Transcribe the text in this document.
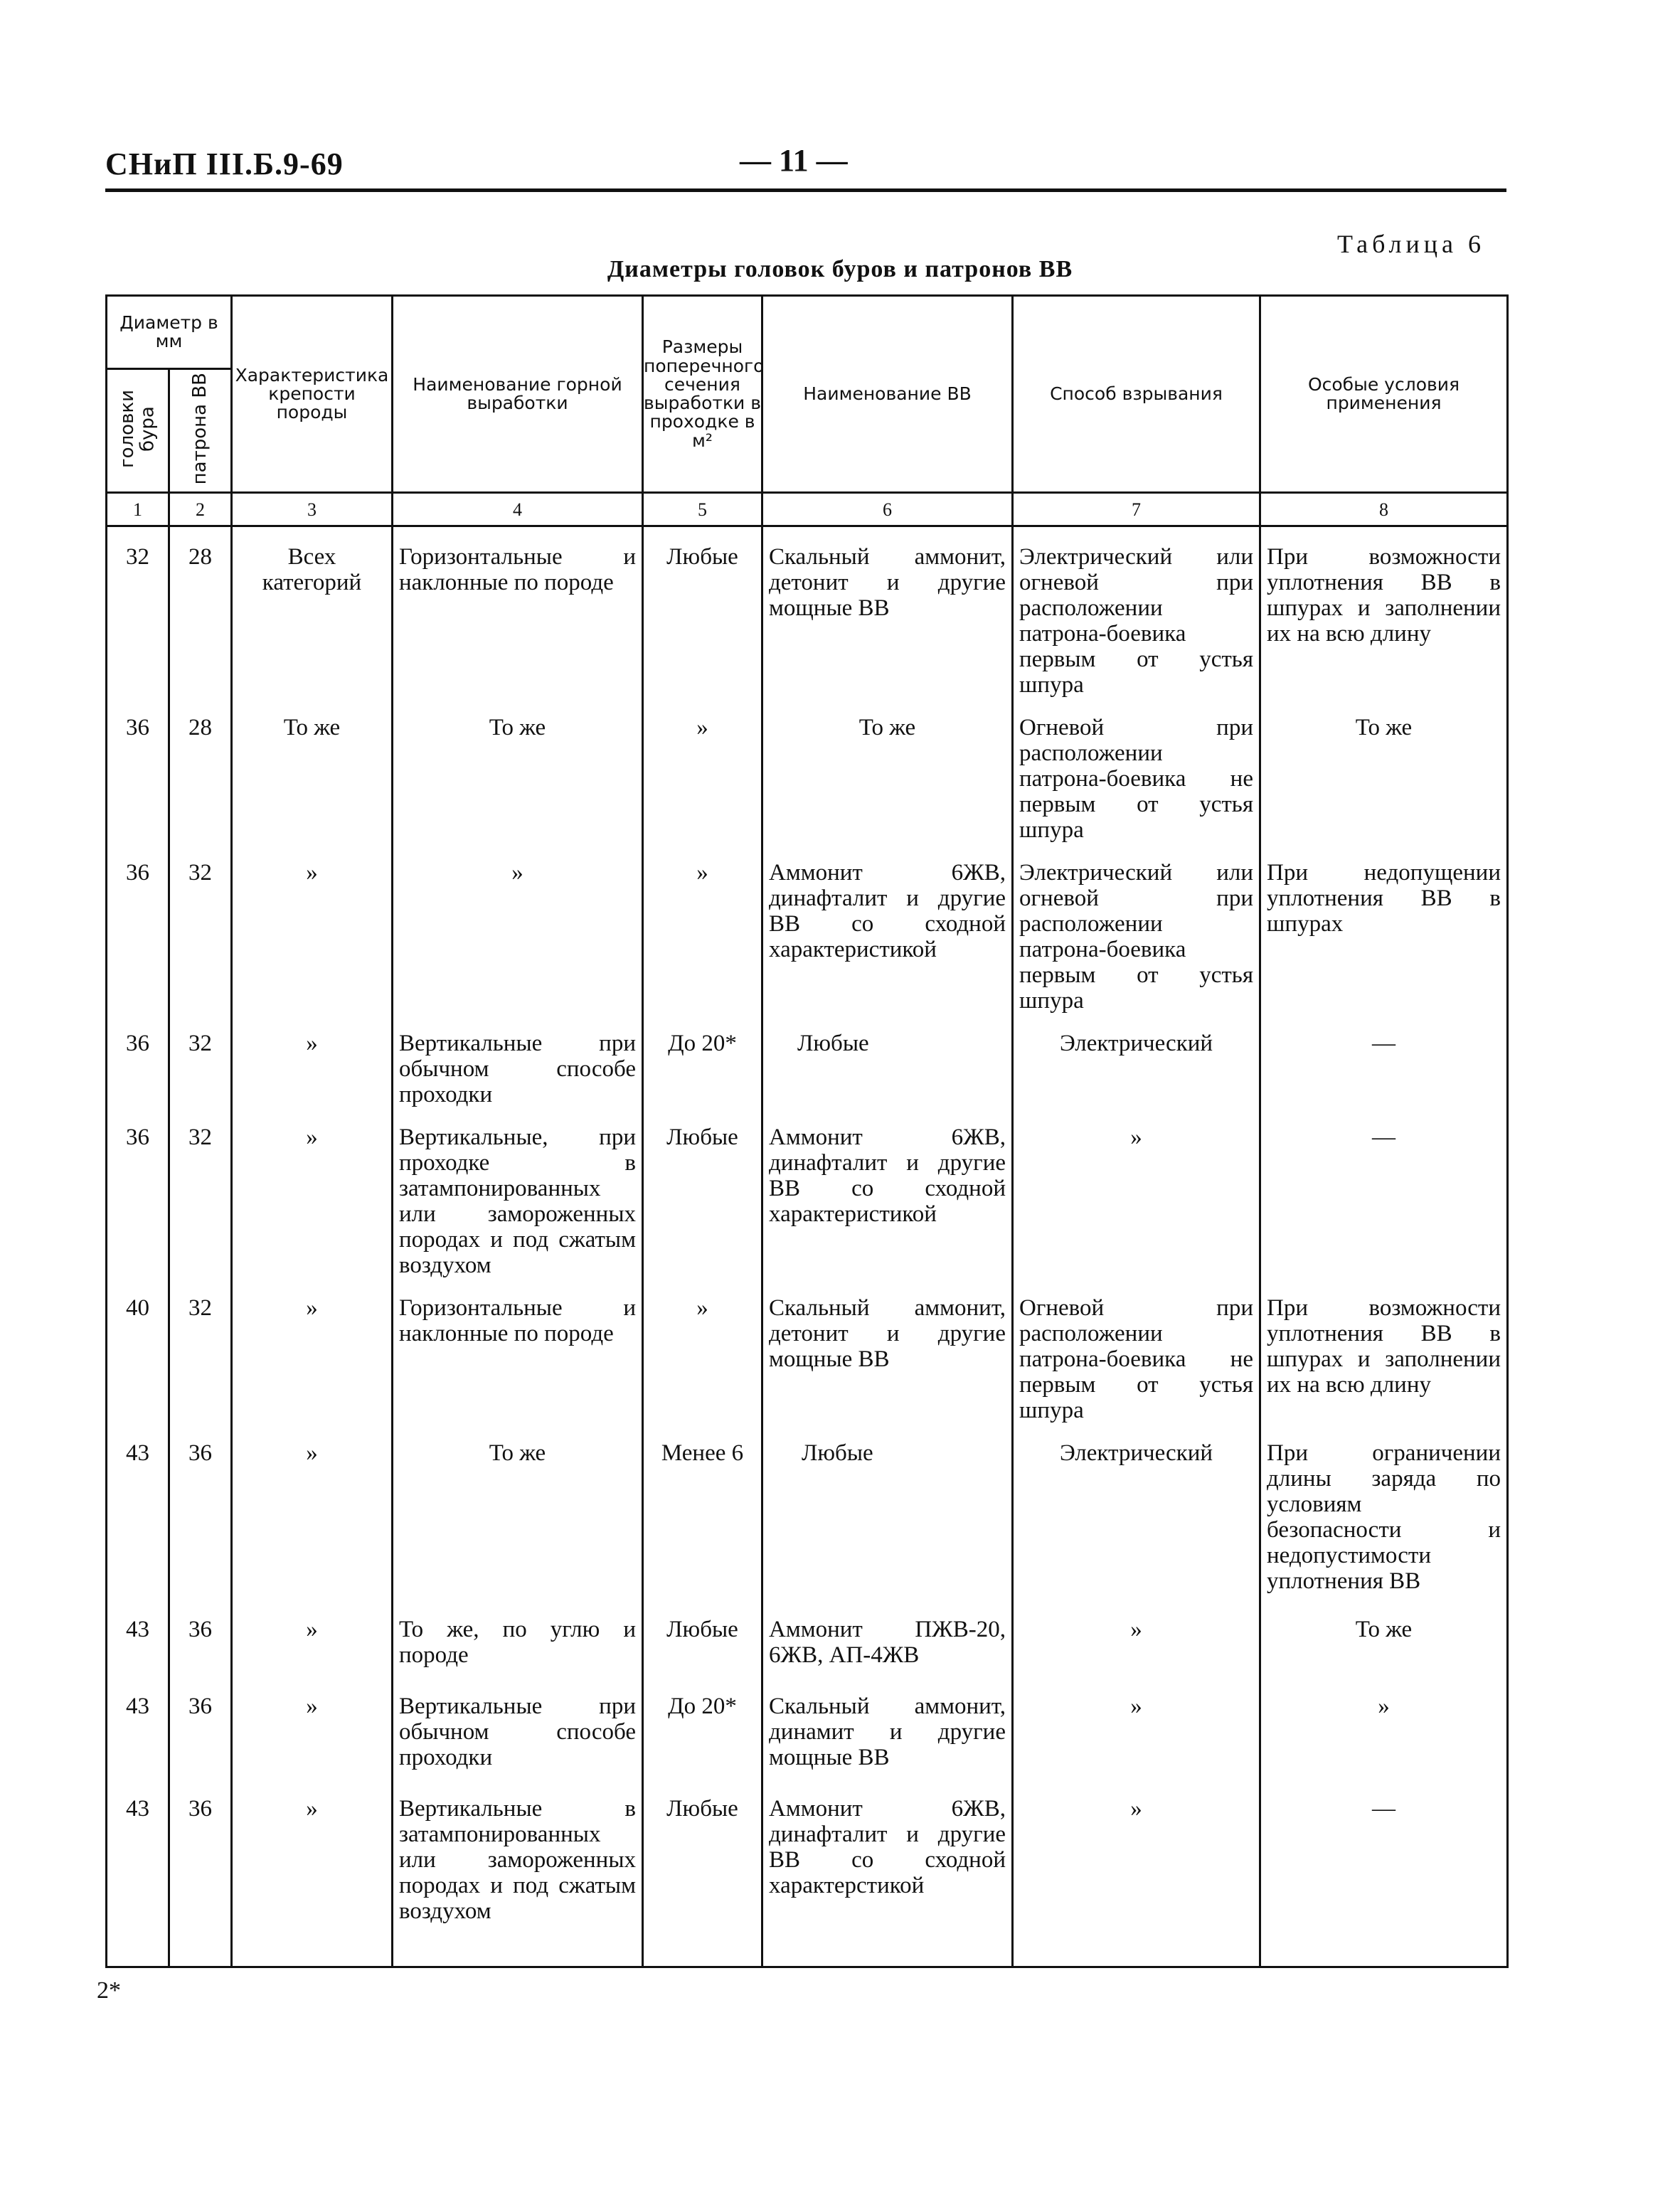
СНиП III.Б.9-69	— 11 —
Таблица 6
Диаметры головок буров и патронов ВВ
Диаметр в мм		Характеристика крепости породы	Наименование горной выработки	Размеры поперечного сечения выработки в проходке в м²	Наименование ВВ	Способ взрывания	Особые условия применения
головки бура	патрона ВВ						
1	2	3	4	5	6	7	8
32	28	Всех категорий	Горизонтальные и наклонные по породе	Любые	Скальный аммонит, детонит и другие мощные ВВ	Электрический или огневой при расположении патрона-боевика первым от устья шпура	При возможности уплотнения ВВ в шпурах и заполнении их на всю длину
36	28	То же	То же	»	То же	Огневой при расположении патрона-боевика не первым от устья шпура	То же
36	32	»	»	»	Аммонит 6ЖВ, динафталит и другие ВВ со сходной характеристикой	Электрический или огневой при расположении патрона-боевика первым от устья шпура	При недопущении уплотнения ВВ в шпурах
36	32	»	Вертикальные при обычном способе проходки	До 20*	Любые	Электрический	—
36	32	»	Вертикальные, при проходке в затампонированных или замороженных породах и под сжатым воздухом	Любые	Аммонит 6ЖВ, динафталит и другие ВВ со сходной характеристикой	»	—
40	32	»	Горизонтальные и наклонные по породе	»	Скальный аммонит, детонит и другие мощные ВВ	Огневой при расположении патрона-боевика не первым от устья шпура	При возможности уплотнения ВВ в шпурах и заполнении их на всю длину
43	36	»	То же	Менее 6	Любые	Электрический	При ограничении длины заряда по условиям безопасности и недопустимости уплотнения ВВ
43	36	»	То же, по углю и породе	Любые	Аммонит ПЖВ-20, 6ЖВ, АП-4ЖВ	»	То же
43	36	»	Вертикальные при обычном способе проходки	До 20*	Скальный аммонит, динамит и другие мощные ВВ	»	»
43	36	»	Вертикальные в затампонированных или замороженных породах и под сжатым воздухом	Любые	Аммонит 6ЖВ, динафталит и другие ВВ со сходной характерстикой	»	—
2*
